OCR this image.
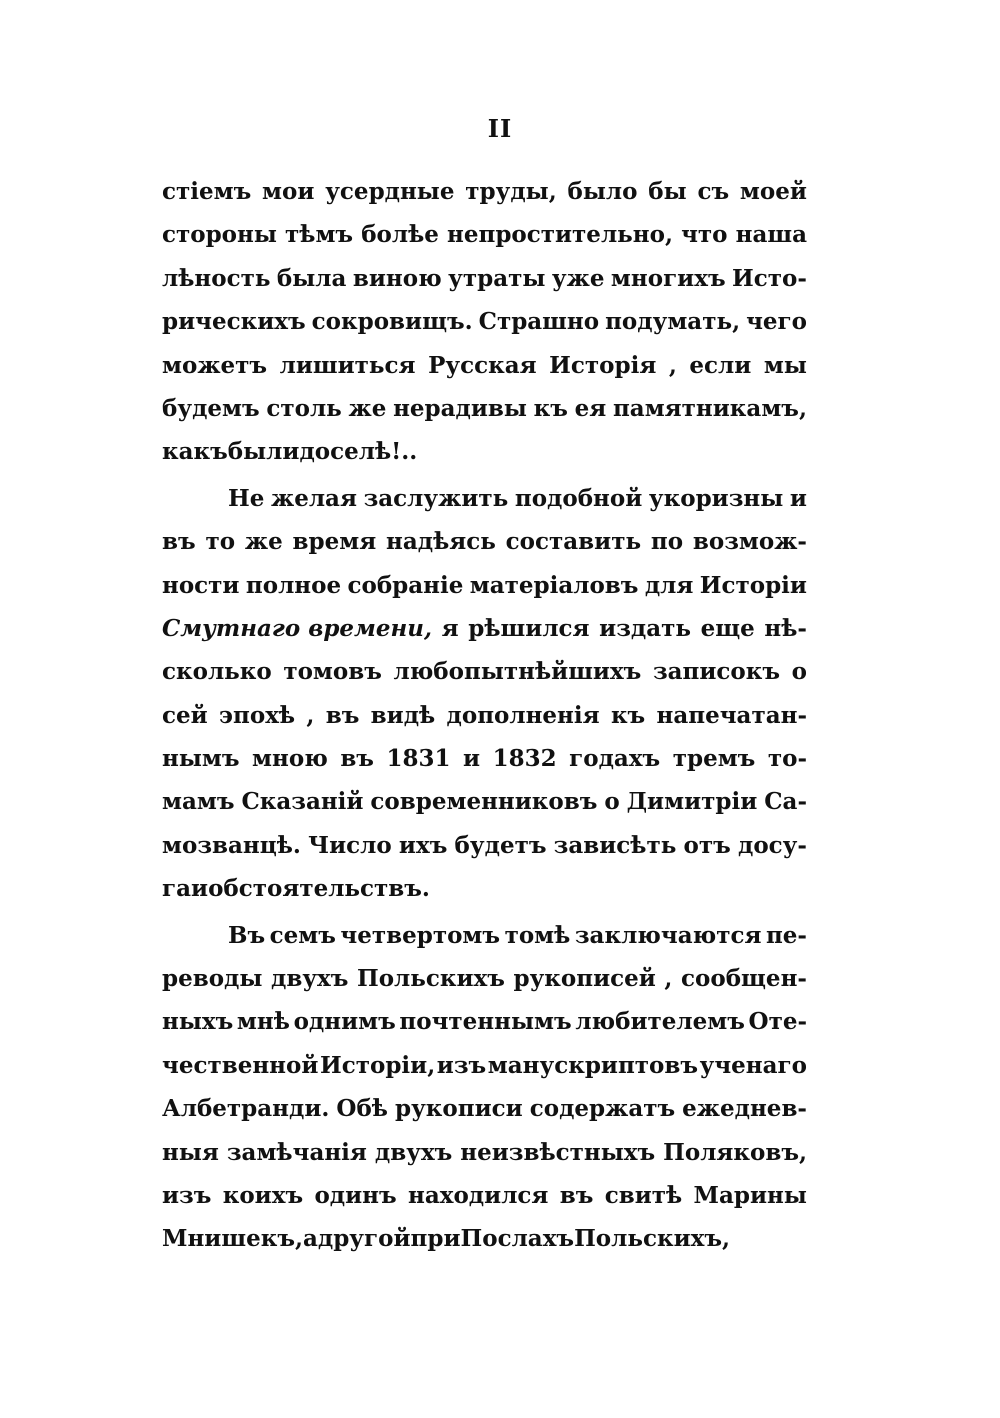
II
стіемъ мои усердные труды, было бы съ моей
стороны тѣмъ болѣе непростительно, что наша
лѣность была виною утраты уже многихъ Исто-
рическихъ сокровищъ. Страшно подумать, чего
можетъ лишиться Русская Исторія , если мы
будемъ столь же нерадивы къ ея памятникамъ,
какъ были доселѣ ! . .
Не желая заслужить подобной укоризны и
въ то же время надѣясь составить по возмож-
ности полное собраніе матеріаловъ для Исторіи
Смутнаго времени, я рѣшился издать еще нѣ-
сколько томовъ любопытнѣйшихъ записокъ о
сей эпохѣ , въ видѣ дополненія къ напечатан-
нымъ мною въ 1831 и 1832 годахъ тремъ то-
мамъ Сказаній современниковъ о Димитріи Са-
мозванцѣ. Число ихъ будетъ зависѣть отъ досу-
га и обстоятельствъ.
Въ семъ четвертомъ томѣ заключаются пе-
реводы двухъ Польскихъ рукописей , сообщен-
ныхъ мнѣ однимъ почтеннымъ любителемъ Оте-
чественной Исторіи, изъ манускриптовъ ученаго
Албетранди. Обѣ рукописи содержатъ ежеднев-
ныя замѣчанія двухъ неизвѣстныхъ Поляковъ,
изъ коихъ одинъ находился въ свитѣ Марины
Мнишекъ , а другой при Послахъ Польскихъ,
